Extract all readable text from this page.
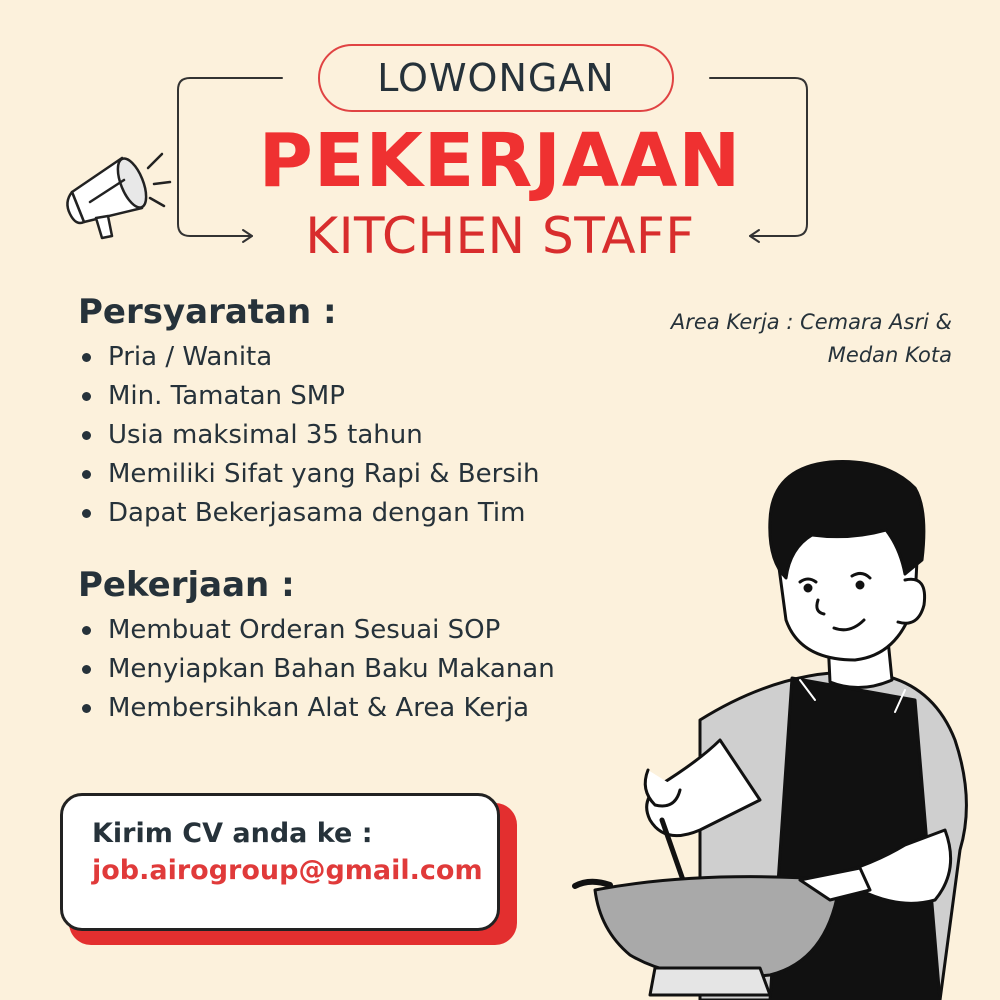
LOWONGAN
PEKERJAAN
KITCHEN STAFF
Persyaratan :
Pria / Wanita
Min. Tamatan SMP
Usia maksimal 35 tahun
Memiliki Sifat yang Rapi & Bersih
Dapat Bekerjasama dengan Tim
Pekerjaan :
Membuat Orderan Sesuai SOP
Menyiapkan Bahan Baku Makanan
Membersihkan Alat & Area Kerja
Area Kerja : Cemara Asri &
Medan Kota
Kirim CV anda ke :
job.airogroup@gmail.com
